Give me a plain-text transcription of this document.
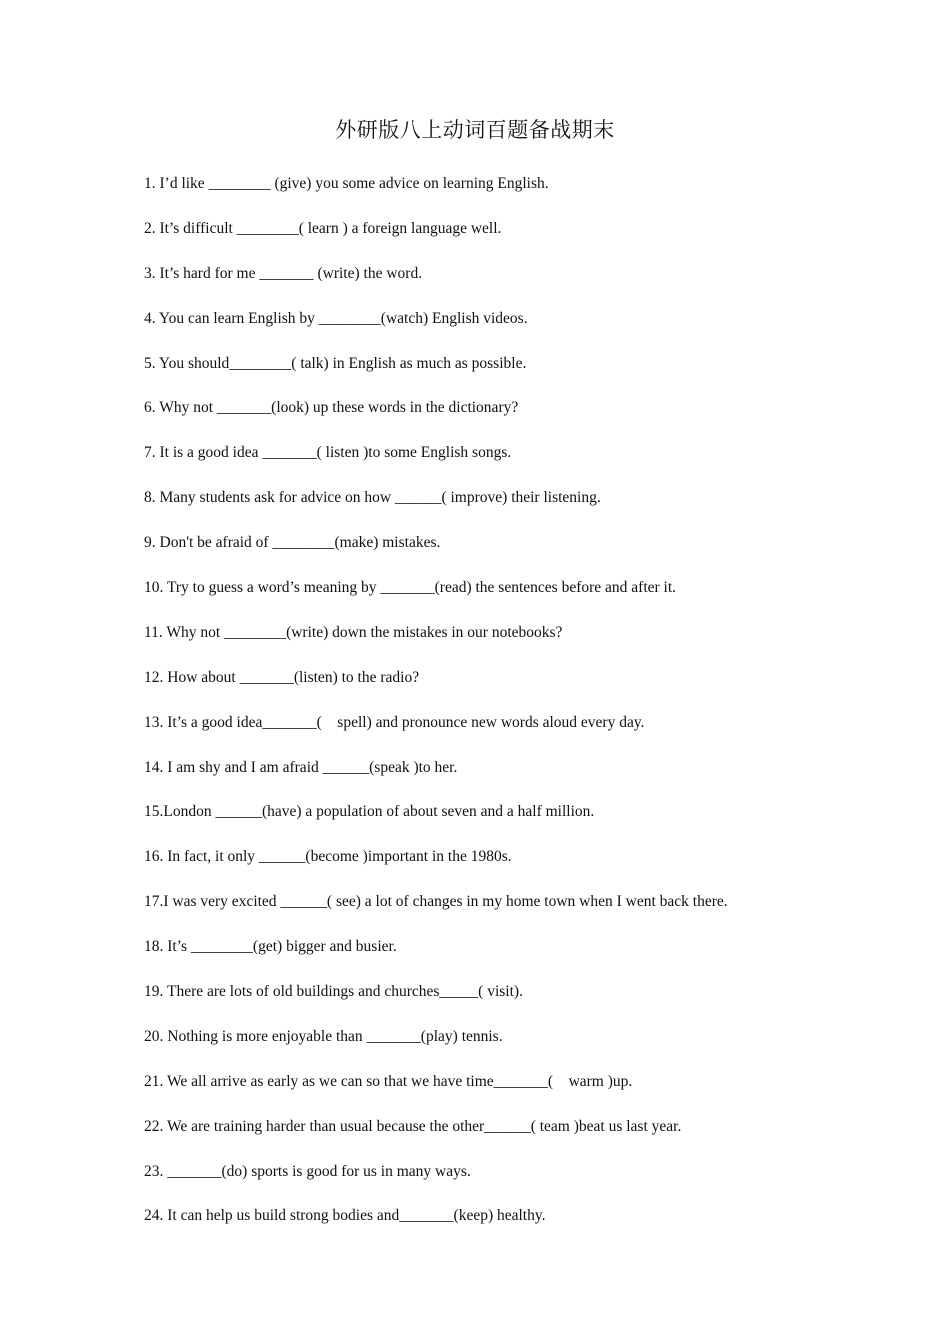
外研版八上动词百题备战期末
1. I’d like ________ (give) you some advice on learning English.
2. It’s difficult ________( learn ) a foreign language well.
3. It’s hard for me _______ (write) the word.
4. You can learn English by ________(watch) English videos.
5. You should________( talk) in English as much as possible.
6. Why not _______(look) up these words in the dictionary?
7. It is a good idea _______( listen )to some English songs.
8. Many students ask for advice on how ______( improve) their listening.
9. Don't be afraid of ________(make) mistakes.
10. Try to guess a word’s meaning by _______(read) the sentences before and after it.
11. Why not ________(write) down the mistakes in our notebooks?
12. How about _______(listen) to the radio?
13. It’s a good idea_______(    spell) and pronounce new words aloud every day.
14. I am shy and I am afraid ______(speak )to her.
15.London ______(have) a population of about seven and a half million.
16. In fact, it only ______(become )important in the 1980s.
17.I was very excited ______( see) a lot of changes in my home town when I went back there.
18. It’s ________(get) bigger and busier.
19. There are lots of old buildings and churches_____( visit).
20. Nothing is more enjoyable than _______(play) tennis.
21. We all arrive as early as we can so that we have time_______(    warm )up.
22. We are training harder than usual because the other______( team )beat us last year.
23. _______(do) sports is good for us in many ways.
24. It can help us build strong bodies and_______(keep) healthy.
